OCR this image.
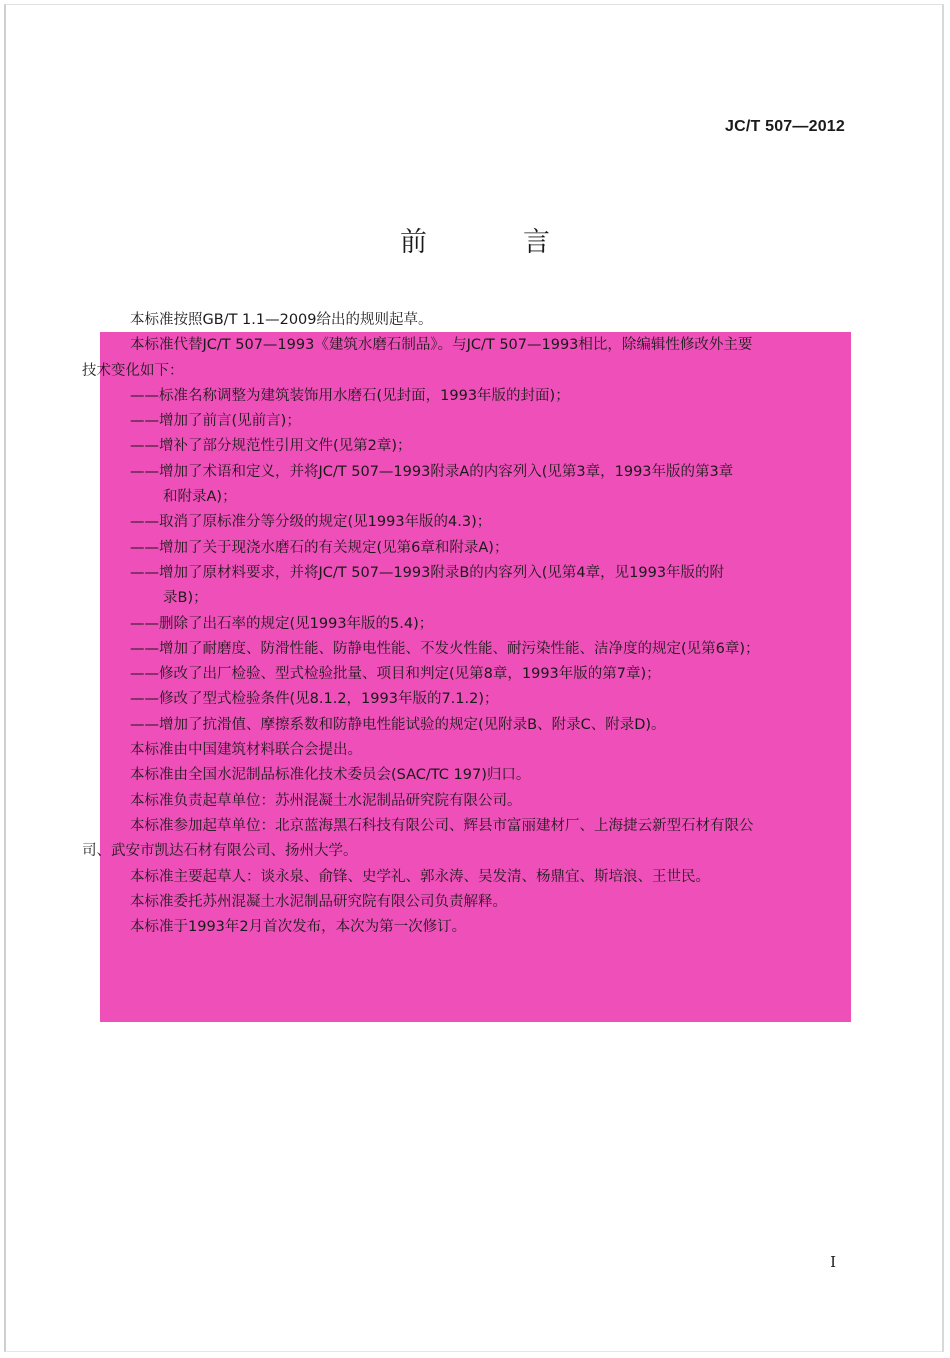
JC/T 507—2012
前言
本标准按照GB/T 1.1—2009给出的规则起草。
本标准代替JC/T 507—1993《建筑水磨石制品》。与JC/T 507—1993相比，除编辑性修改外主要
技术变化如下：
——标准名称调整为建筑装饰用水磨石(见封面，1993年版的封面)；
——增加了前言(见前言)；
——增补了部分规范性引用文件(见第2章)；
——增加了术语和定义，并将JC/T 507—1993附录A的内容列入(见第3章，1993年版的第3章
和附录A)；
——取消了原标准分等分级的规定(见1993年版的4.3)；
——增加了关于现浇水磨石的有关规定(见第6章和附录A)；
——增加了原材料要求，并将JC/T 507—1993附录B的内容列入(见第4章，见1993年版的附
录B)；
——删除了出石率的规定(见1993年版的5.4)；
——增加了耐磨度、防滑性能、防静电性能、不发火性能、耐污染性能、洁净度的规定(见第6章)；
——修改了出厂检验、型式检验批量、项目和判定(见第8章，1993年版的第7章)；
——修改了型式检验条件(见8.1.2，1993年版的7.1.2)；
——增加了抗滑值、摩擦系数和防静电性能试验的规定(见附录B、附录C、附录D)。
本标准由中国建筑材料联合会提出。
本标准由全国水泥制品标准化技术委员会(SAC/TC 197)归口。
本标准负责起草单位：苏州混凝土水泥制品研究院有限公司。
本标准参加起草单位：北京蓝海黑石科技有限公司、辉县市富丽建材厂、上海捷云新型石材有限公
司、武安市凯达石材有限公司、扬州大学。
本标准主要起草人：谈永泉、俞锋、史学礼、郭永涛、吴发清、杨鼎宜、斯培浪、王世民。
本标准委托苏州混凝土水泥制品研究院有限公司负责解释。
本标准于1993年2月首次发布，本次为第一次修订。
I
